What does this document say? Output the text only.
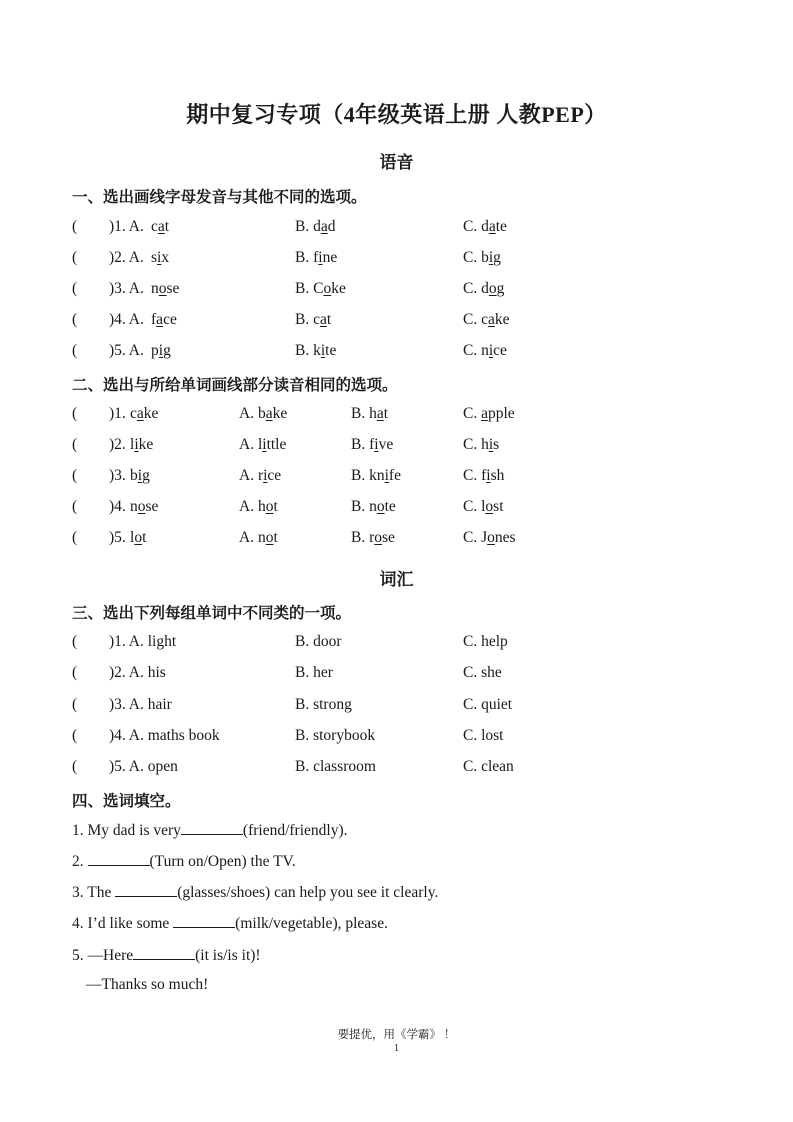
期中复习专项（4年级英语上册 人教PEP）
语音
一、选出画线字母发音与其他不同的选项。
二、选出与所给单词画线部分读音相同的选项。
词汇
三、选出下列每组单词中不同类的一项。
四、选词填空。
—Thanks so much!
要提优，用《学霸》 ！
1
( )1. A. cat	B. dad	C. date
( )2. A. six	B. fine	C. big
( )3. A. nose	B. Coke	C. dog
( )4. A. face	B. cat	C. cake
( )5. A. pig	B. kite	C. nice
( )1. cake	A. bake	B. hat	C. apple
( )2. like	A. little	B. five	C. his
( )3. big	A. rice	B. knife	C. fish
( )4. nose	A. hot	B. note	C. lost
( )5. lot	A. not	B. rose	C. Jones
( )1. A. light	B. door	C. help
( )2. A. his	B. her	C. she
( )3. A. hair	B. strong	C. quiet
( )4. A. maths book	B. storybook	C. lost
( )5. A. open	B. classroom	C. clean
1. My dad is very	(friend/friendly).
2.	(Turn on/Open) the TV.
3. The	(glasses/shoes) can help you see it clearly.
4. I’d like some	(milk/vegetable), please.
5. —Here	(it is/is it)!
